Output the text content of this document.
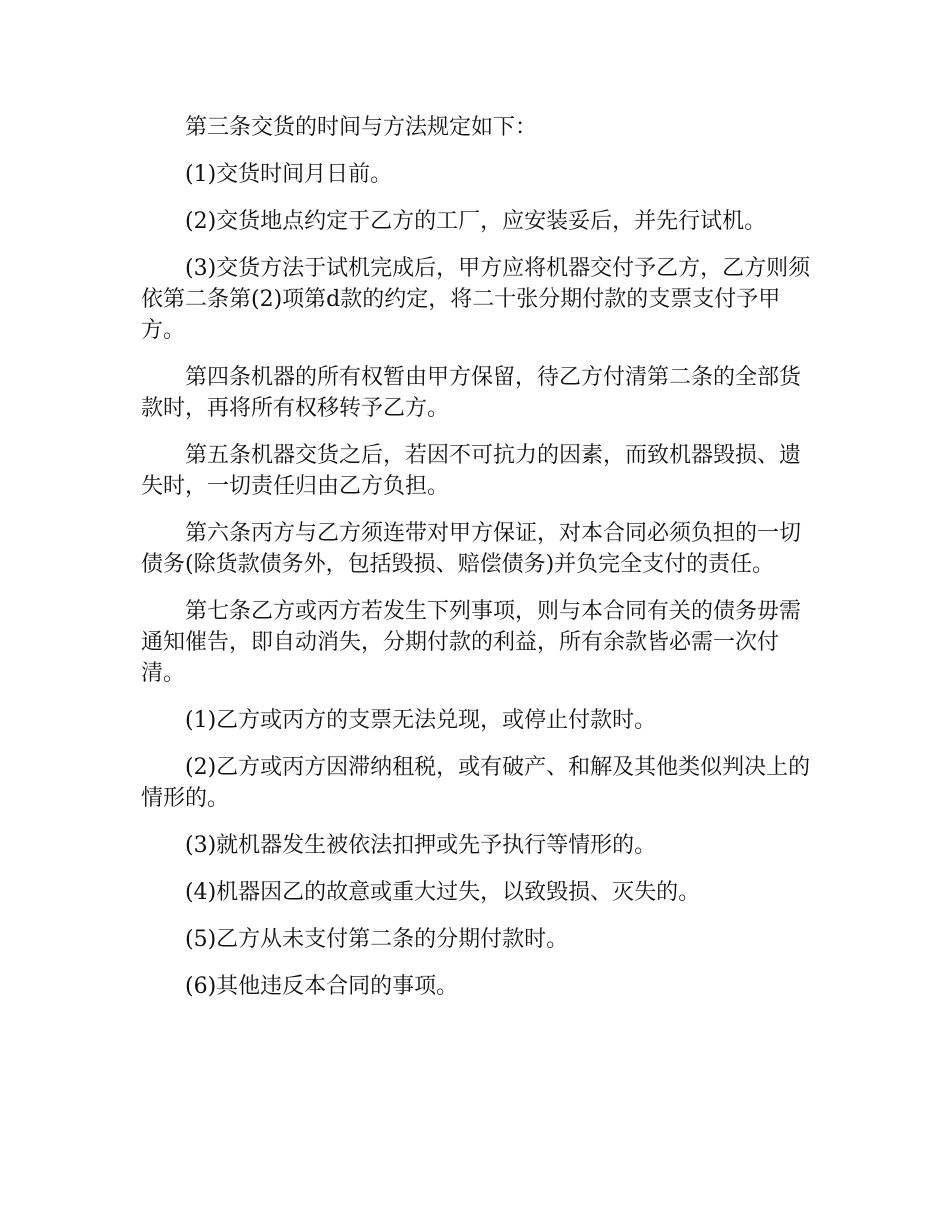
第三条交货的时间与方法规定如下：

(1)交货时间月日前。

(2)交货地点约定于乙方的工厂，应安装妥后，并先行试机。

(3)交货方法于试机完成后，甲方应将机器交付予乙方，乙方则须依第二条第(2)项第d款的约定，将二十张分期付款的支票支付予甲方。

第四条机器的所有权暂由甲方保留，待乙方付清第二条的全部货款时，再将所有权移转予乙方。

第五条机器交货之后，若因不可抗力的因素，而致机器毁损、遗失时，一切责任归由乙方负担。

第六条丙方与乙方须连带对甲方保证，对本合同必须负担的一切债务(除货款债务外，包括毁损、赔偿债务)并负完全支付的责任。

第七条乙方或丙方若发生下列事项，则与本合同有关的债务毋需通知催告，即自动消失，分期付款的利益，所有余款皆必需一次付清。

(1)乙方或丙方的支票无法兑现，或停止付款时。

(2)乙方或丙方因滞纳租税，或有破产、和解及其他类似判决上的情形的。

(3)就机器发生被依法扣押或先予执行等情形的。

(4)机器因乙的故意或重大过失，以致毁损、灭失的。

(5)乙方从未支付第二条的分期付款时。

(6)其他违反本合同的事项。
